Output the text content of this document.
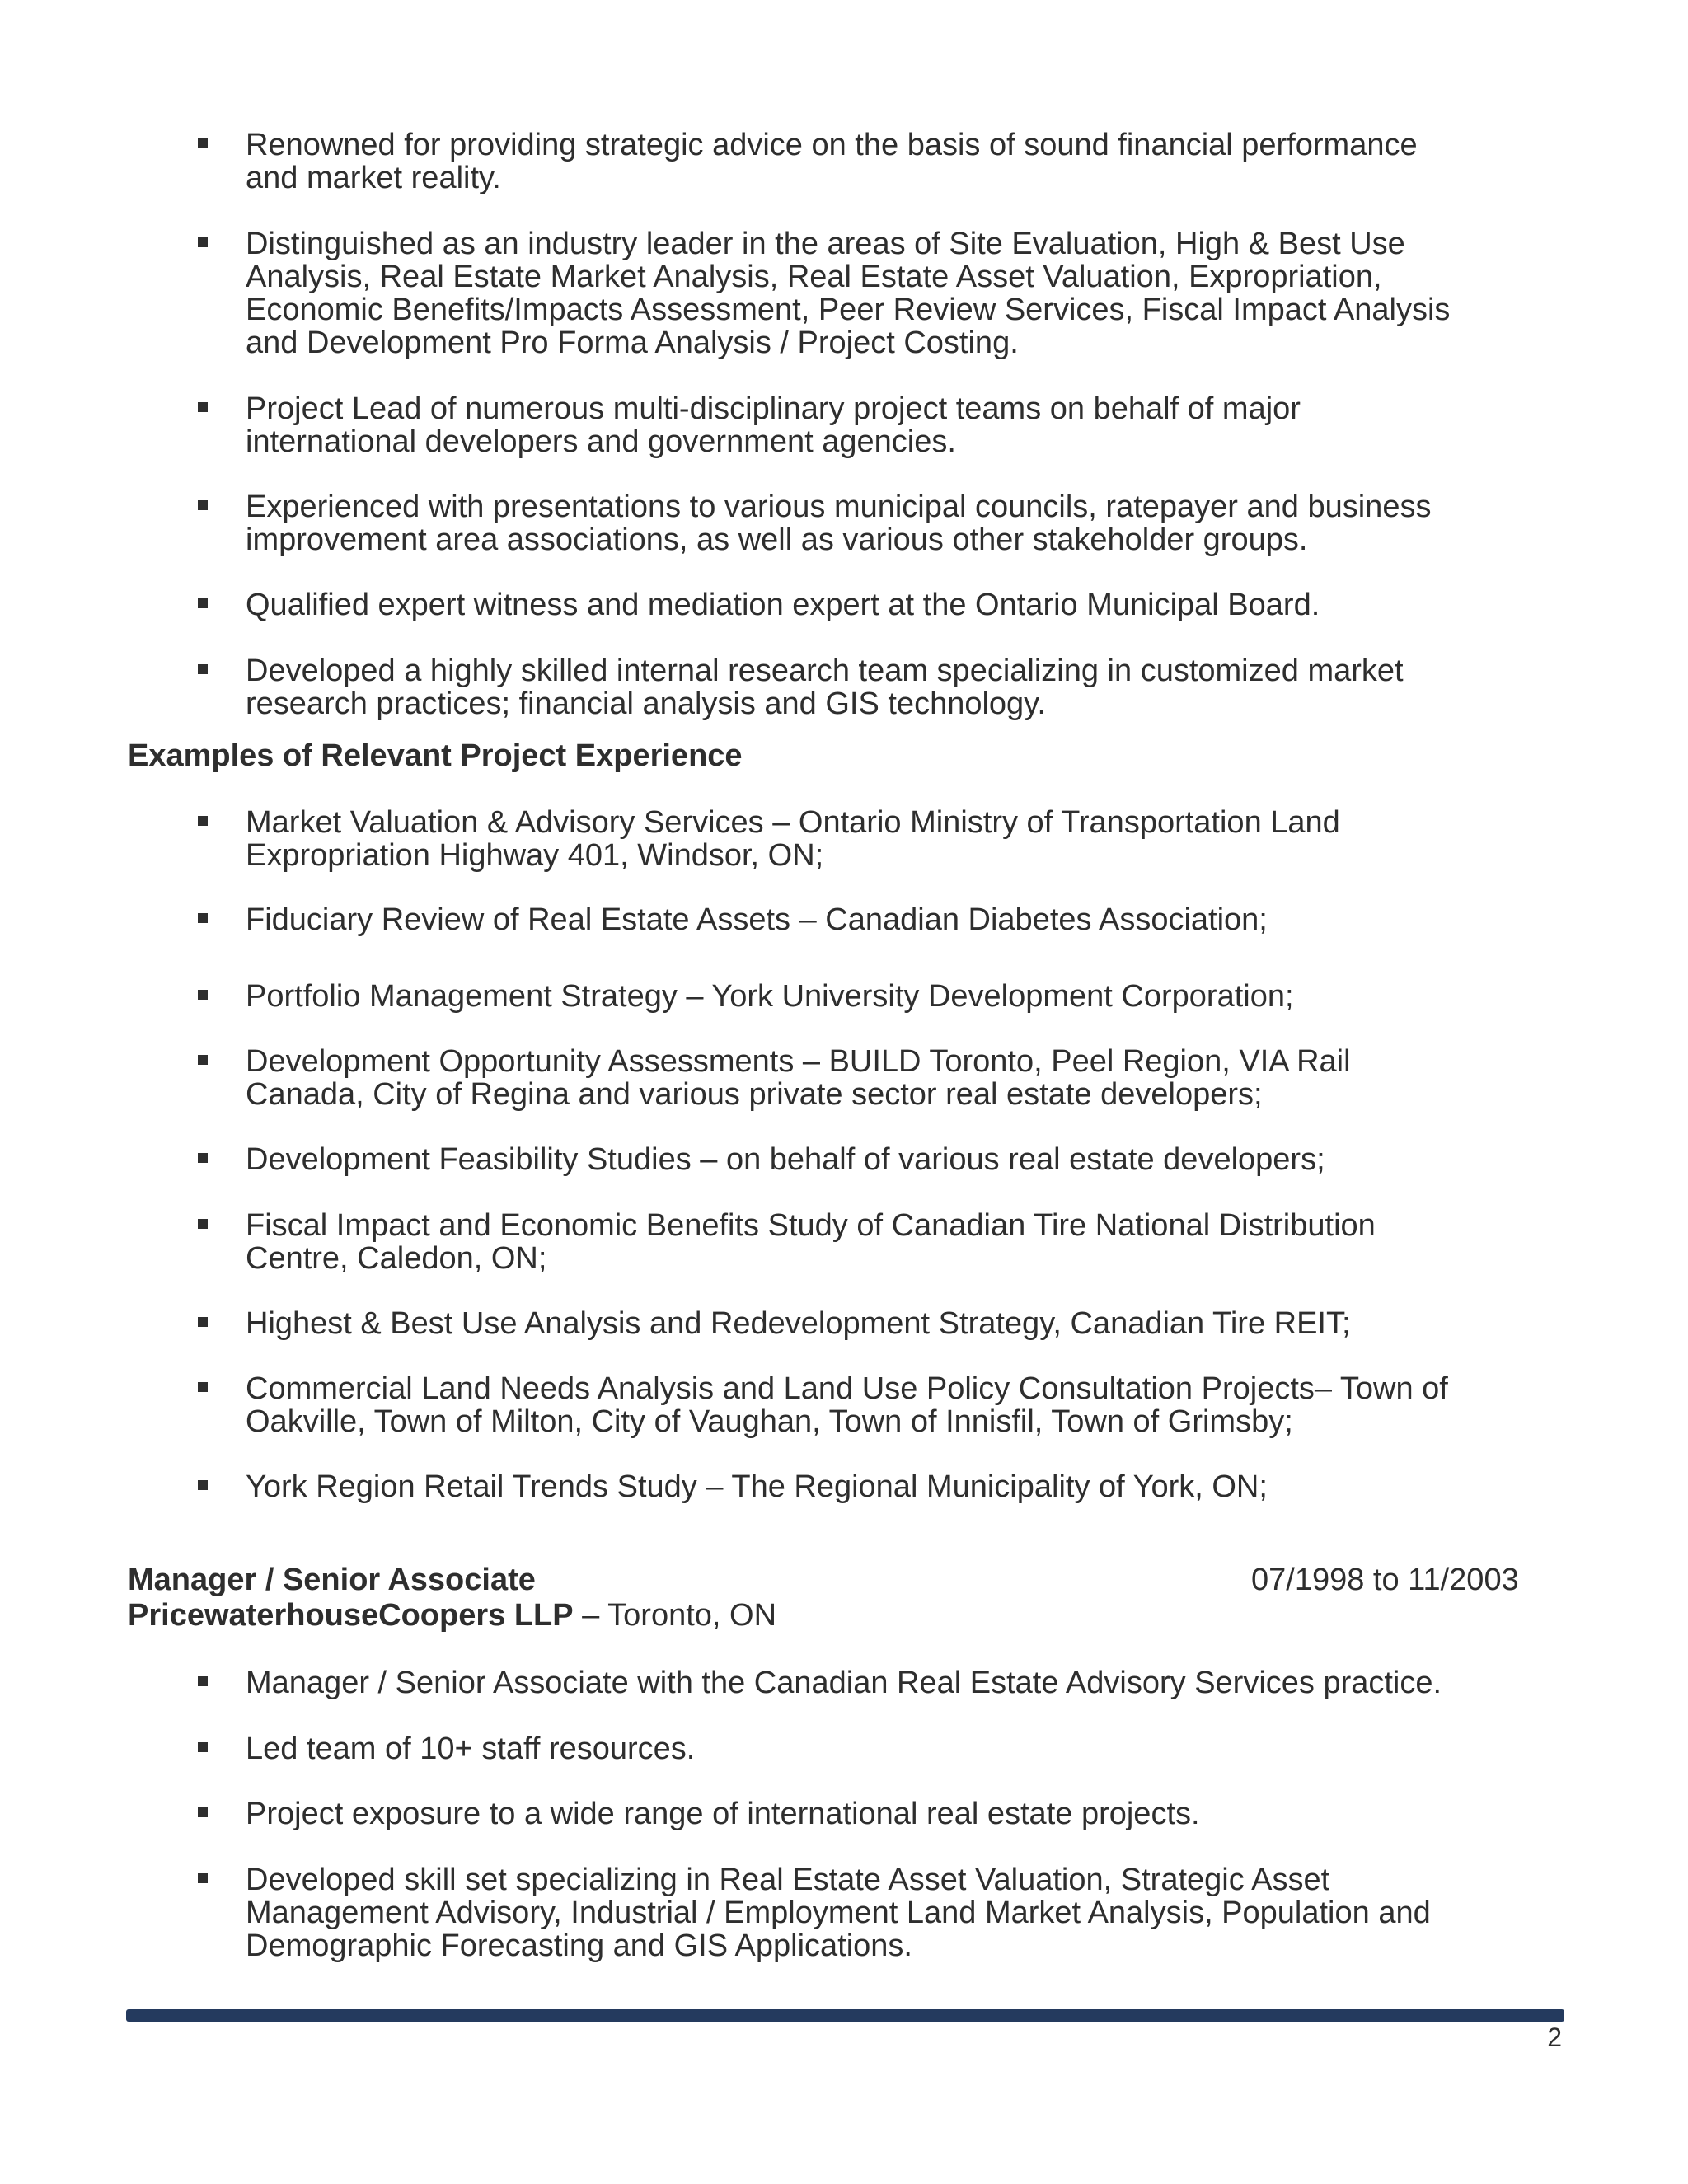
Renowned for providing strategic advice on the basis of sound financial performance
and market reality.

Distinguished as an industry leader in the areas of Site Evaluation, High & Best Use
Analysis, Real Estate Market Analysis, Real Estate Asset Valuation, Expropriation,
Economic Benefits/Impacts Assessment, Peer Review Services, Fiscal Impact Analysis
and Development Pro Forma Analysis / Project Costing.

Project Lead of numerous multi-disciplinary project teams on behalf of major
international developers and government agencies.

Experienced with presentations to various municipal councils, ratepayer and business
improvement area associations, as well as various other stakeholder groups.

Qualified expert witness and mediation expert at the Ontario Municipal Board.

Developed a highly skilled internal research team specializing in customized market
research practices; financial analysis and GIS technology.

Examples of Relevant Project Experience

Market Valuation & Advisory Services – Ontario Ministry of Transportation Land
Expropriation Highway 401, Windsor, ON;

Fiduciary Review of Real Estate Assets – Canadian Diabetes Association;

Portfolio Management Strategy – York University Development Corporation;

Development Opportunity Assessments – BUILD Toronto, Peel Region, VIA Rail
Canada, City of Regina and various private sector real estate developers;

Development Feasibility Studies – on behalf of various real estate developers;

Fiscal Impact and Economic Benefits Study of Canadian Tire National Distribution
Centre, Caledon, ON;

Highest & Best Use Analysis and Redevelopment Strategy, Canadian Tire REIT;

Commercial Land Needs Analysis and Land Use Policy Consultation Projects– Town of
Oakville, Town of Milton, City of Vaughan, Town of Innisfil, Town of Grimsby;

York Region Retail Trends Study – The Regional Municipality of York, ON;

Manager / Senior Associate	07/1998 to 11/2003
PricewaterhouseCoopers LLP – Toronto, ON

Manager / Senior Associate with the Canadian Real Estate Advisory Services practice.

Led team of 10+ staff resources.

Project exposure to a wide range of international real estate projects.

Developed skill set specializing in Real Estate Asset Valuation, Strategic Asset
Management Advisory, Industrial / Employment Land Market Analysis, Population and
Demographic Forecasting and GIS Applications.

2
